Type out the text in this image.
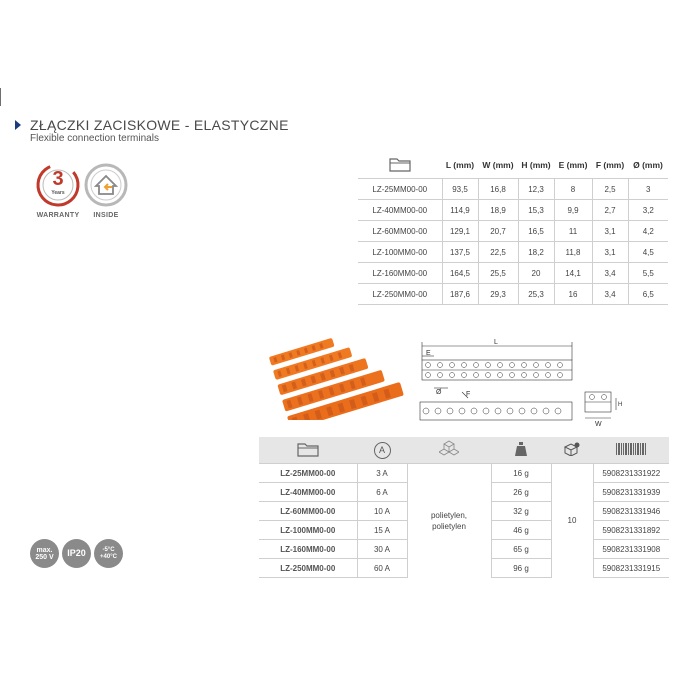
ZŁĄCZKI ZACISKOWE - ELASTYCZNE
Flexible connection terminals
3
Years
WARRANTY	INSIDE
	L (mm)	W (mm)	H (mm)	E (mm)	F (mm)	Ø (mm)
LZ-25MM00-00	93,5	16,8	12,3	8	2,5	3
LZ-40MM00-00	114,9	18,9	15,3	9,9	2,7	3,2
LZ-60MM00-00	129,1	20,7	16,5	11	3,1	4,2
LZ-100MM0-00	137,5	22,5	18,2	11,8	3,1	4,5
LZ-160MM0-00	164,5	25,5	20	14,1	3,4	5,5
LZ-250MM0-00	187,6	29,3	25,3	16	3,4	6,5
L
E
Ø	F
H
W
	A				
LZ-25MM00-00	3 A	polietylen, polietylen	16 g	10	5908231331922
LZ-40MM00-00	6 A		26 g		5908231331939
LZ-60MM00-00	10 A		32 g		5908231331946
LZ-100MM0-00	15 A		46 g		5908231331892
LZ-160MM0-00	30 A		65 g		5908231331908
LZ-250MM0-00	60 A		96 g		5908231331915
max. 250 V	IP20	-5°C +40°C
